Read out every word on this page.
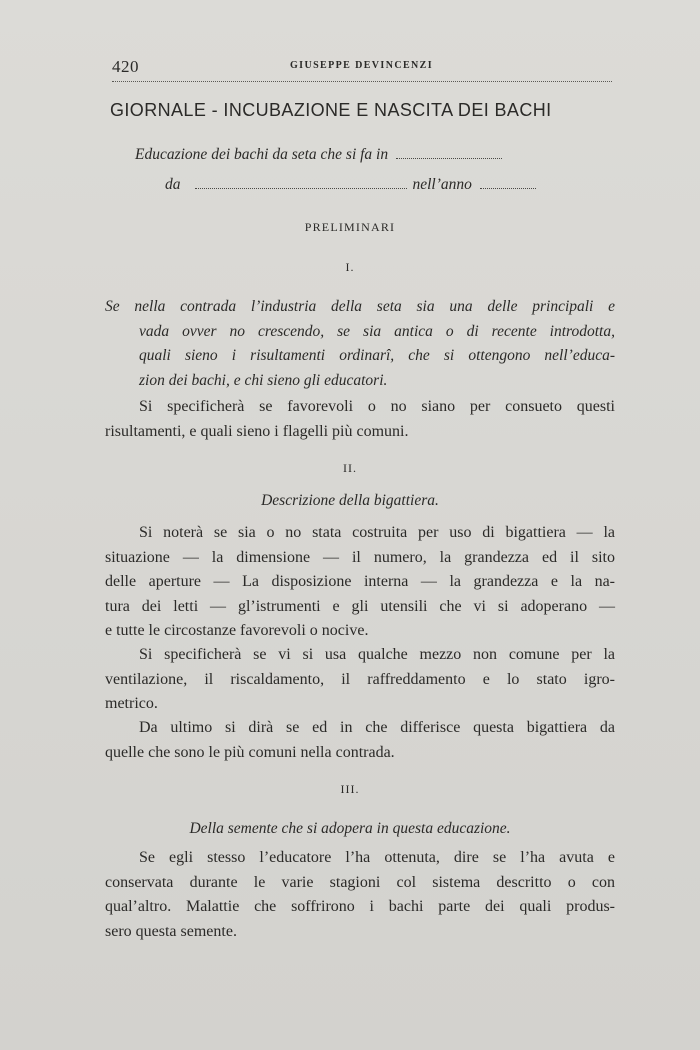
420	GIUSEPPE DEVINCENZI
GIORNALE - INCUBAZIONE E NASCITA DEI BACHI
Educazione dei bachi da seta che si fa in
da	nell’anno
PRELIMINARI
I.

Se nella contrada l’industria della seta sia una delle principali e

vada ovver no crescendo, se sia antica o di recente introdotta,

quali sieno i risultamenti ordinarî, che si ottengono nell’educa-

zion dei bachi, e chi sieno gli educatori.

Si specificherà se favorevoli o no siano per consueto questi

risultamenti, e quali sieno i flagelli più comuni.

II.
Descrizione della bigattiera.

Si noterà se sia o no stata costruita per uso di bigattiera — la

situazione — la dimensione — il numero, la grandezza ed il sito

delle aperture — La disposizione interna — la grandezza e la na-

tura dei letti — gl’istrumenti e gli utensili che vi si adoperano —

e tutte le circostanze favorevoli o nocive.

Si specificherà se vi si usa qualche mezzo non comune per la

ventilazione, il riscaldamento, il raffreddamento e lo stato igro-

metrico.

Da ultimo si dirà se ed in che differisce questa bigattiera da

quelle che sono le più comuni nella contrada.

III.
Della semente che si adopera in questa educazione.

Se egli stesso l’educatore l’ha ottenuta, dire se l’ha avuta e

conservata durante le varie stagioni col sistema descritto o con

qual’altro. Malattie che soffrirono i bachi parte dei quali produs-

sero questa semente.
